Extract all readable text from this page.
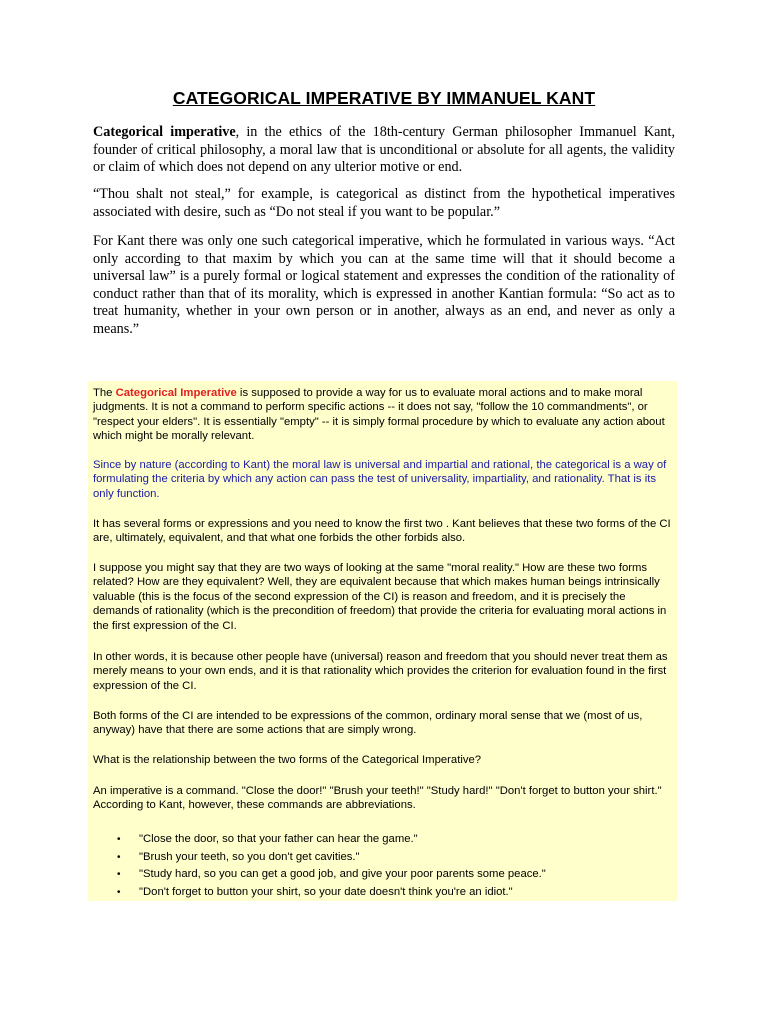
CATEGORICAL IMPERATIVE BY IMMANUEL KANT

Categorical imperative, in the ethics of the 18th-century German philosopher Immanuel Kant, founder of critical philosophy, a moral law that is unconditional or absolute for all agents, the validity or claim of which does not depend on any ulterior motive or end.

“Thou shalt not steal,” for example, is categorical as distinct from the hypothetical imperatives associated with desire, such as “Do not steal if you want to be popular.”

For Kant there was only one such categorical imperative, which he formulated in various ways. “Act only according to that maxim by which you can at the same time will that it should become a universal law” is a purely formal or logical statement and expresses the condition of the rationality of conduct rather than that of its morality, which is expressed in another Kantian formula: “So act as to treat humanity, whether in your own person or in another, always as an end, and never as only a means.”

The Categorical Imperative is supposed to provide a way for us to evaluate moral actions and to make moral judgments. It is not a command to perform specific actions -- it does not say, "follow the 10 commandments", or "respect your elders". It is essentially "empty" -- it is simply formal procedure by which to evaluate any action about which might be morally relevant.

Since by nature (according to Kant) the moral law is universal and impartial and rational, the categorical is a way of formulating the criteria by which any action can pass the test of universality, impartiality, and rationality. That is its only function.

It has several forms or expressions and you need to know the first two . Kant believes that these two forms of the CI are, ultimately, equivalent, and that what one forbids the other forbids also.

I suppose you might say that they are two ways of looking at the same "moral reality." How are these two forms related? How are they equivalent? Well, they are equivalent because that which makes human beings intrinsically valuable (this is the focus of the second expression of the CI) is reason and freedom, and it is precisely the demands of rationality (which is the precondition of freedom) that provide the criteria for evaluating moral actions in the first expression of the CI.

In other words, it is because other people have (universal) reason and freedom that you should never treat them as merely means to your own ends, and it is that rationality which provides the criterion for evaluation found in the first expression of the CI.

Both forms of the CI are intended to be expressions of the common, ordinary moral sense that we (most of us, anyway) have that there are some actions that are simply wrong.

What is the relationship between the two forms of the Categorical Imperative?

An imperative is a command. "Close the door!" "Brush your teeth!" "Study hard!" "Don't forget to button your shirt." According to Kant, however, these commands are abbreviations.

• "Close the door, so that your father can hear the game."
• "Brush your teeth, so you don't get cavities."
• "Study hard, so you can get a good job, and give your poor parents some peace."
• "Don't forget to button your shirt, so your date doesn't think you're an idiot."
